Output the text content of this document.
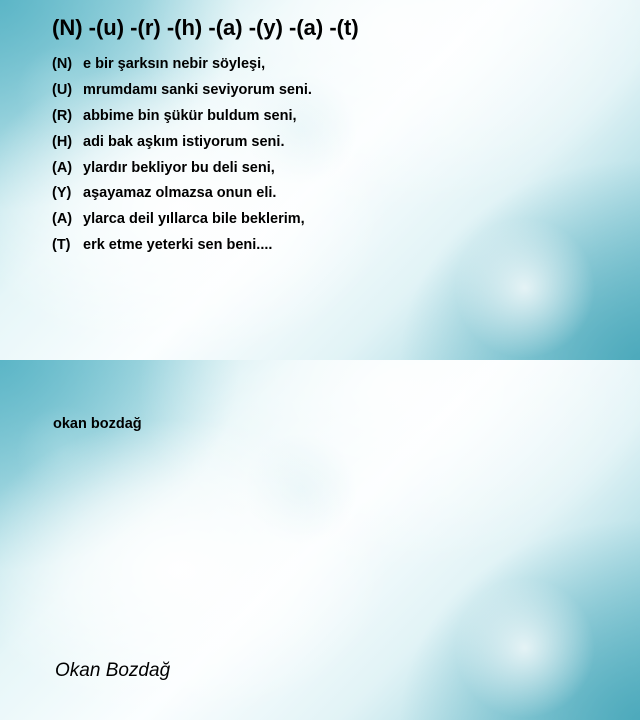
(N) -(u) -(r) -(h) -(a) -(y) -(a) -(t)
(N) e bir şarksın nebir söyleşi,
(U) mrumdamı sanki seviyorum seni.
(R) abbime bin şükür buldum seni,
(H) adi bak aşkım istiyorum seni.
(A) ylardır bekliyor bu deli seni,
(Y) aşayamaz olmazsa onun eli.
(A) ylarca deil yıllarca bile beklerim,
(T) erk etme yeterki sen beni....
okan bozdağ
Okan Bozdağ
